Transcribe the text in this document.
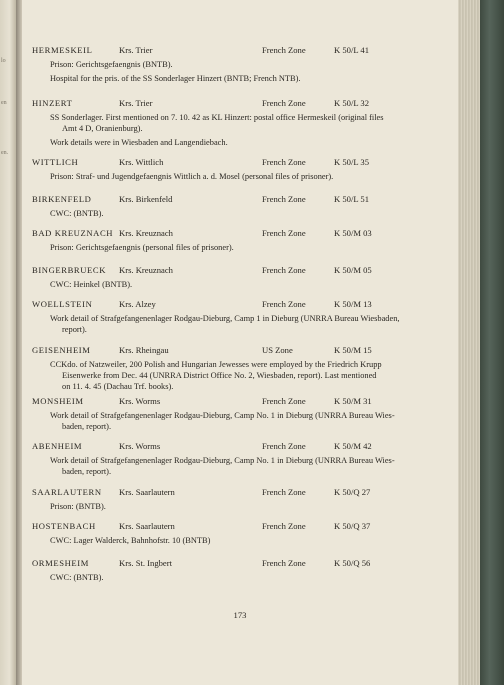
lo
en
en.
HERMESKEIL	Krs. Trier	French Zone	K 50/L 41
Prison: Gerichtsgefaengnis (BNTB).
Hospital for the pris. of the SS Sonderlager Hinzert (BNTB; French NTB).
HINZERT	Krs. Trier	French Zone	K 50/L 32
SS Sonderlager. First mentioned on 7. 10. 42 as KL Hinzert: postal office Hermeskeil (original files
Amt 4 D, Oranienburg).
Work details were in Wiesbaden and Langendiebach.
WITTLICH	Krs. Wittlich	French Zone	K 50/L 35
Prison: Straf- und Jugendgefaengnis Wittlich a. d. Mosel (personal files of prisoner).
BIRKENFELD	Krs. Birkenfeld	French Zone	K 50/L 51
CWC: (BNTB).
BAD KREUZNACH Krs. Kreuznach	French Zone	K 50/M 03
Prison: Gerichtsgefaengnis (personal files of prisoner).
BINGERBRUECK Krs. Kreuznach	French Zone	K 50/M 05
CWC: Heinkel (BNTB).
WOELLSTEIN	Krs. Alzey	French Zone	K 50/M 13
Work detail of Strafgefangenenlager Rodgau-Dieburg, Camp 1 in Dieburg (UNRRA Bureau Wiesbaden,
report).
GEISENHEIM	Krs. Rheingau	US Zone	K 50/M 15
CCKdo. of Natzweiler, 200 Polish and Hungarian Jewesses were employed by the Friedrich Krupp
Eisenwerke from Dec. 44 (UNRRA District Office No. 2, Wiesbaden, report). Last mentioned
on 11. 4. 45 (Dachau Trf. books).
MONSHEIM	Krs. Worms	French Zone	K 50/M 31
Work detail of Strafgefangenenlager Rodgau-Dieburg, Camp No. 1 in Dieburg (UNRRA Bureau Wies-
baden, report).
ABENHEIM	Krs. Worms	French Zone	K 50/M 42
Work detail of Strafgefangenenlager Rodgau-Dieburg, Camp No. 1 in Dieburg (UNRRA Bureau Wies-
baden, report).
SAARLAUTERN Krs. Saarlautern	French Zone	K 50/Q 27
Prison: (BNTB).
HOSTENBACH	Krs. Saarlautern	French Zone	K 50/Q 37
CWC: Lager Walderck, Bahnhofstr. 10 (BNTB)
ORMESHEIM	Krs. St. Ingbert	French Zone	K 50/Q 56
CWC: (BNTB).
173
